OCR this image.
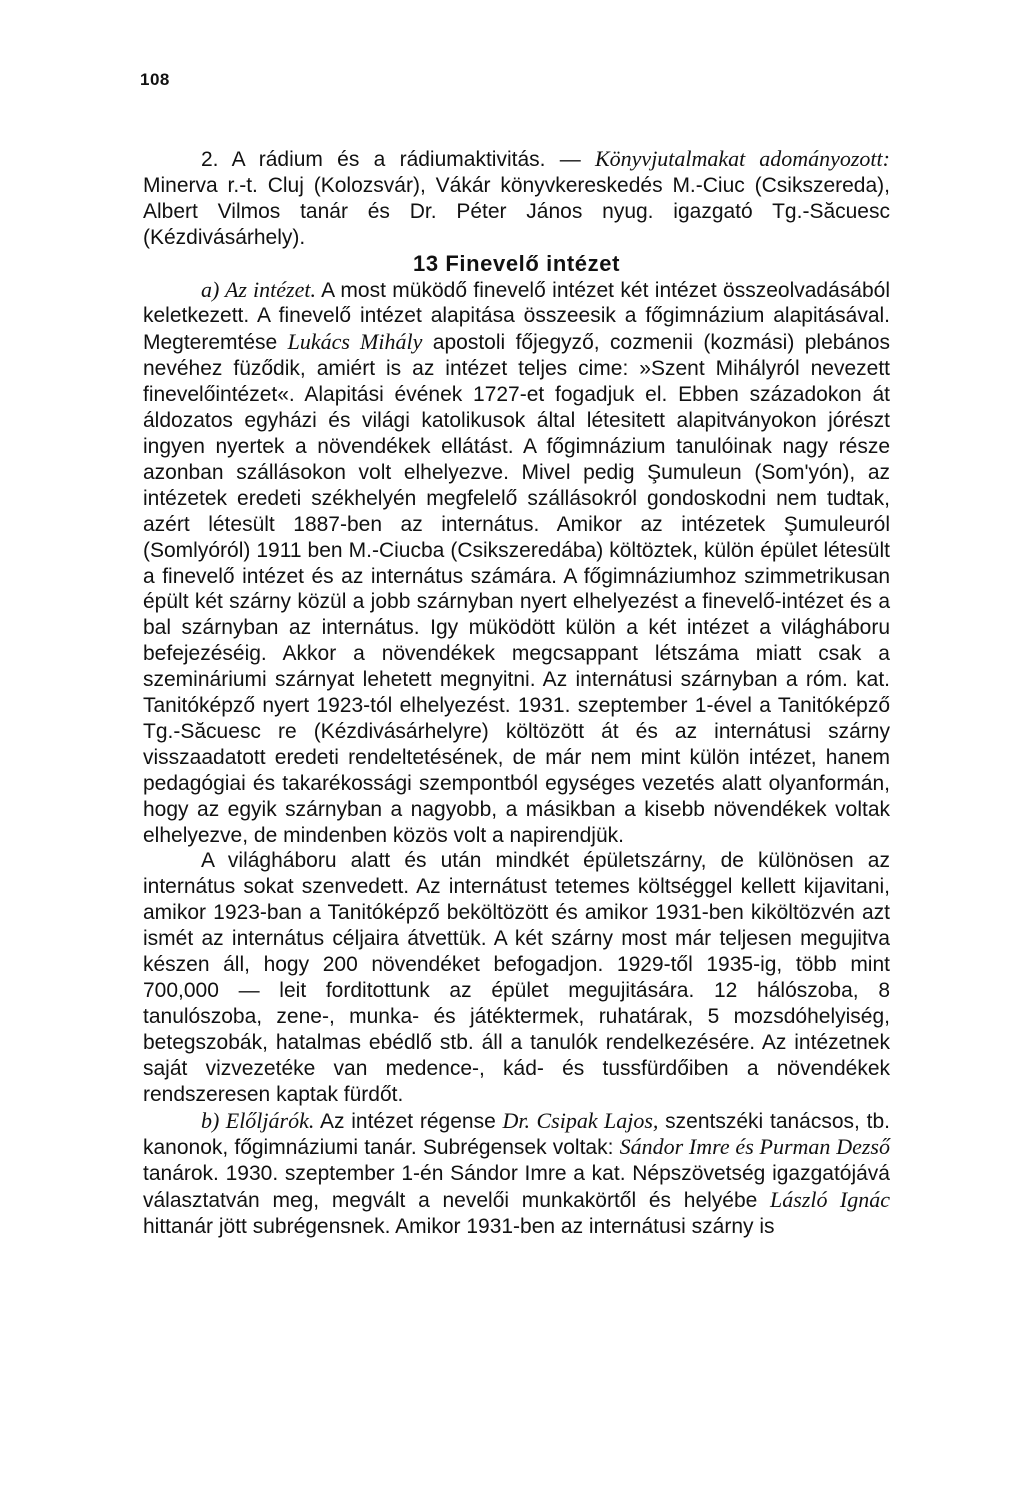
108

2. A rádium és a rádiumaktivitás. — Könyvjutalmakat adományozott: Minerva r.-t. Cluj (Kolozsvár), Vákár könyvkereskedés M.-Ciuc (Csikszereda), Albert Vilmos tanár és Dr. Péter János nyug. igazgató Tg.-Săcuesc (Kézdivásárhely).

13 Finevelő intézet

a) Az intézet. A most müködő finevelő intézet két intézet összeolvadásából keletkezett. A finevelő intézet alapitása összeesik a főgimnázium alapitásával. Megteremtése Lukács Mihály apostoli főjegyző, cozmenii (kozmási) plebános nevéhez füződik, amiért is az intézet teljes cime: »Szent Mihályról nevezett finevelőintézet«. Alapitási évének 1727-et fogadjuk el. Ebben századokon át áldozatos egyházi és világi katolikusok által létesitett alapitványokon jórészt ingyen nyertek a növendékek ellátást. A főgimnázium tanulóinak nagy része azonban szállásokon volt elhelyezve. Mivel pedig Şumuleun (Som'yón), az intézetek eredeti székhelyén megfelelő szállásokról gondoskodni nem tudtak, azért létesült 1887-ben az internátus. Amikor az intézetek Şumuleuról (Somlyóról) 1911 ben M.-Ciucba (Csikszeredába) költöztek, külön épület létesült a finevelő intézet és az internátus számára. A főgimnáziumhoz szimmetrikusan épült két szárny közül a jobb szárnyban nyert elhelyezést a finevelő-intézet és a bal szárnyban az internátus. Igy müködött külön a két intézet a világháboru befejezéséig. Akkor a növendékek megcsappant létszáma miatt csak a szemináriumi szárnyat lehetett megnyitni. Az internátusi szárnyban a róm. kat. Tanitóképző nyert 1923-tól elhelyezést. 1931. szeptember 1-ével a Tanitóképző Tg.-Săcuesc re (Kézdivásárhelyre) költözött át és az internátusi szárny visszaadatott eredeti rendeltetésének, de már nem mint külön intézet, hanem pedagógiai és takarékossági szempontból egységes vezetés alatt olyanformán, hogy az egyik szárnyban a nagyobb, a másikban a kisebb növendékek voltak elhelyezve, de mindenben közös volt a napirendjük.

A világháboru alatt és után mindkét épületszárny, de különösen az internátus sokat szenvedett. Az internátust tetemes költséggel kellett kijavitani, amikor 1923-ban a Tanitóképző beköltözött és amikor 1931-ben kiköltözvén azt ismét az internátus céljaira átvettük. A két szárny most már teljesen megujitva készen áll, hogy 200 növendéket befogadjon. 1929-től 1935-ig, több mint 700,000 — leit forditottunk az épület megujitására. 12 hálószoba, 8 tanulószoba, zene-, munka- és játéktermek, ruhatárak, 5 mozsdóhelyiség, betegszobák, hatalmas ebédlő stb. áll a tanulók rendelkezésére. Az intézetnek saját vizvezetéke van medence-, kád- és tussfürdőiben a növendékek rendszeresen kaptak fürdőt.

b) Előljárók. Az intézet régense Dr. Csipak Lajos, szentszéki tanácsos, tb. kanonok, főgimnáziumi tanár. Subrégensek voltak: Sándor Imre és Purman Dezső tanárok. 1930. szeptember 1-én Sándor Imre a kat. Népszövetség igazgatójává választatván meg, megvált a nevelői munkakörtől és helyébe László Ignác hittanár jött subrégensnek. Amikor 1931-ben az internátusi szárny is
